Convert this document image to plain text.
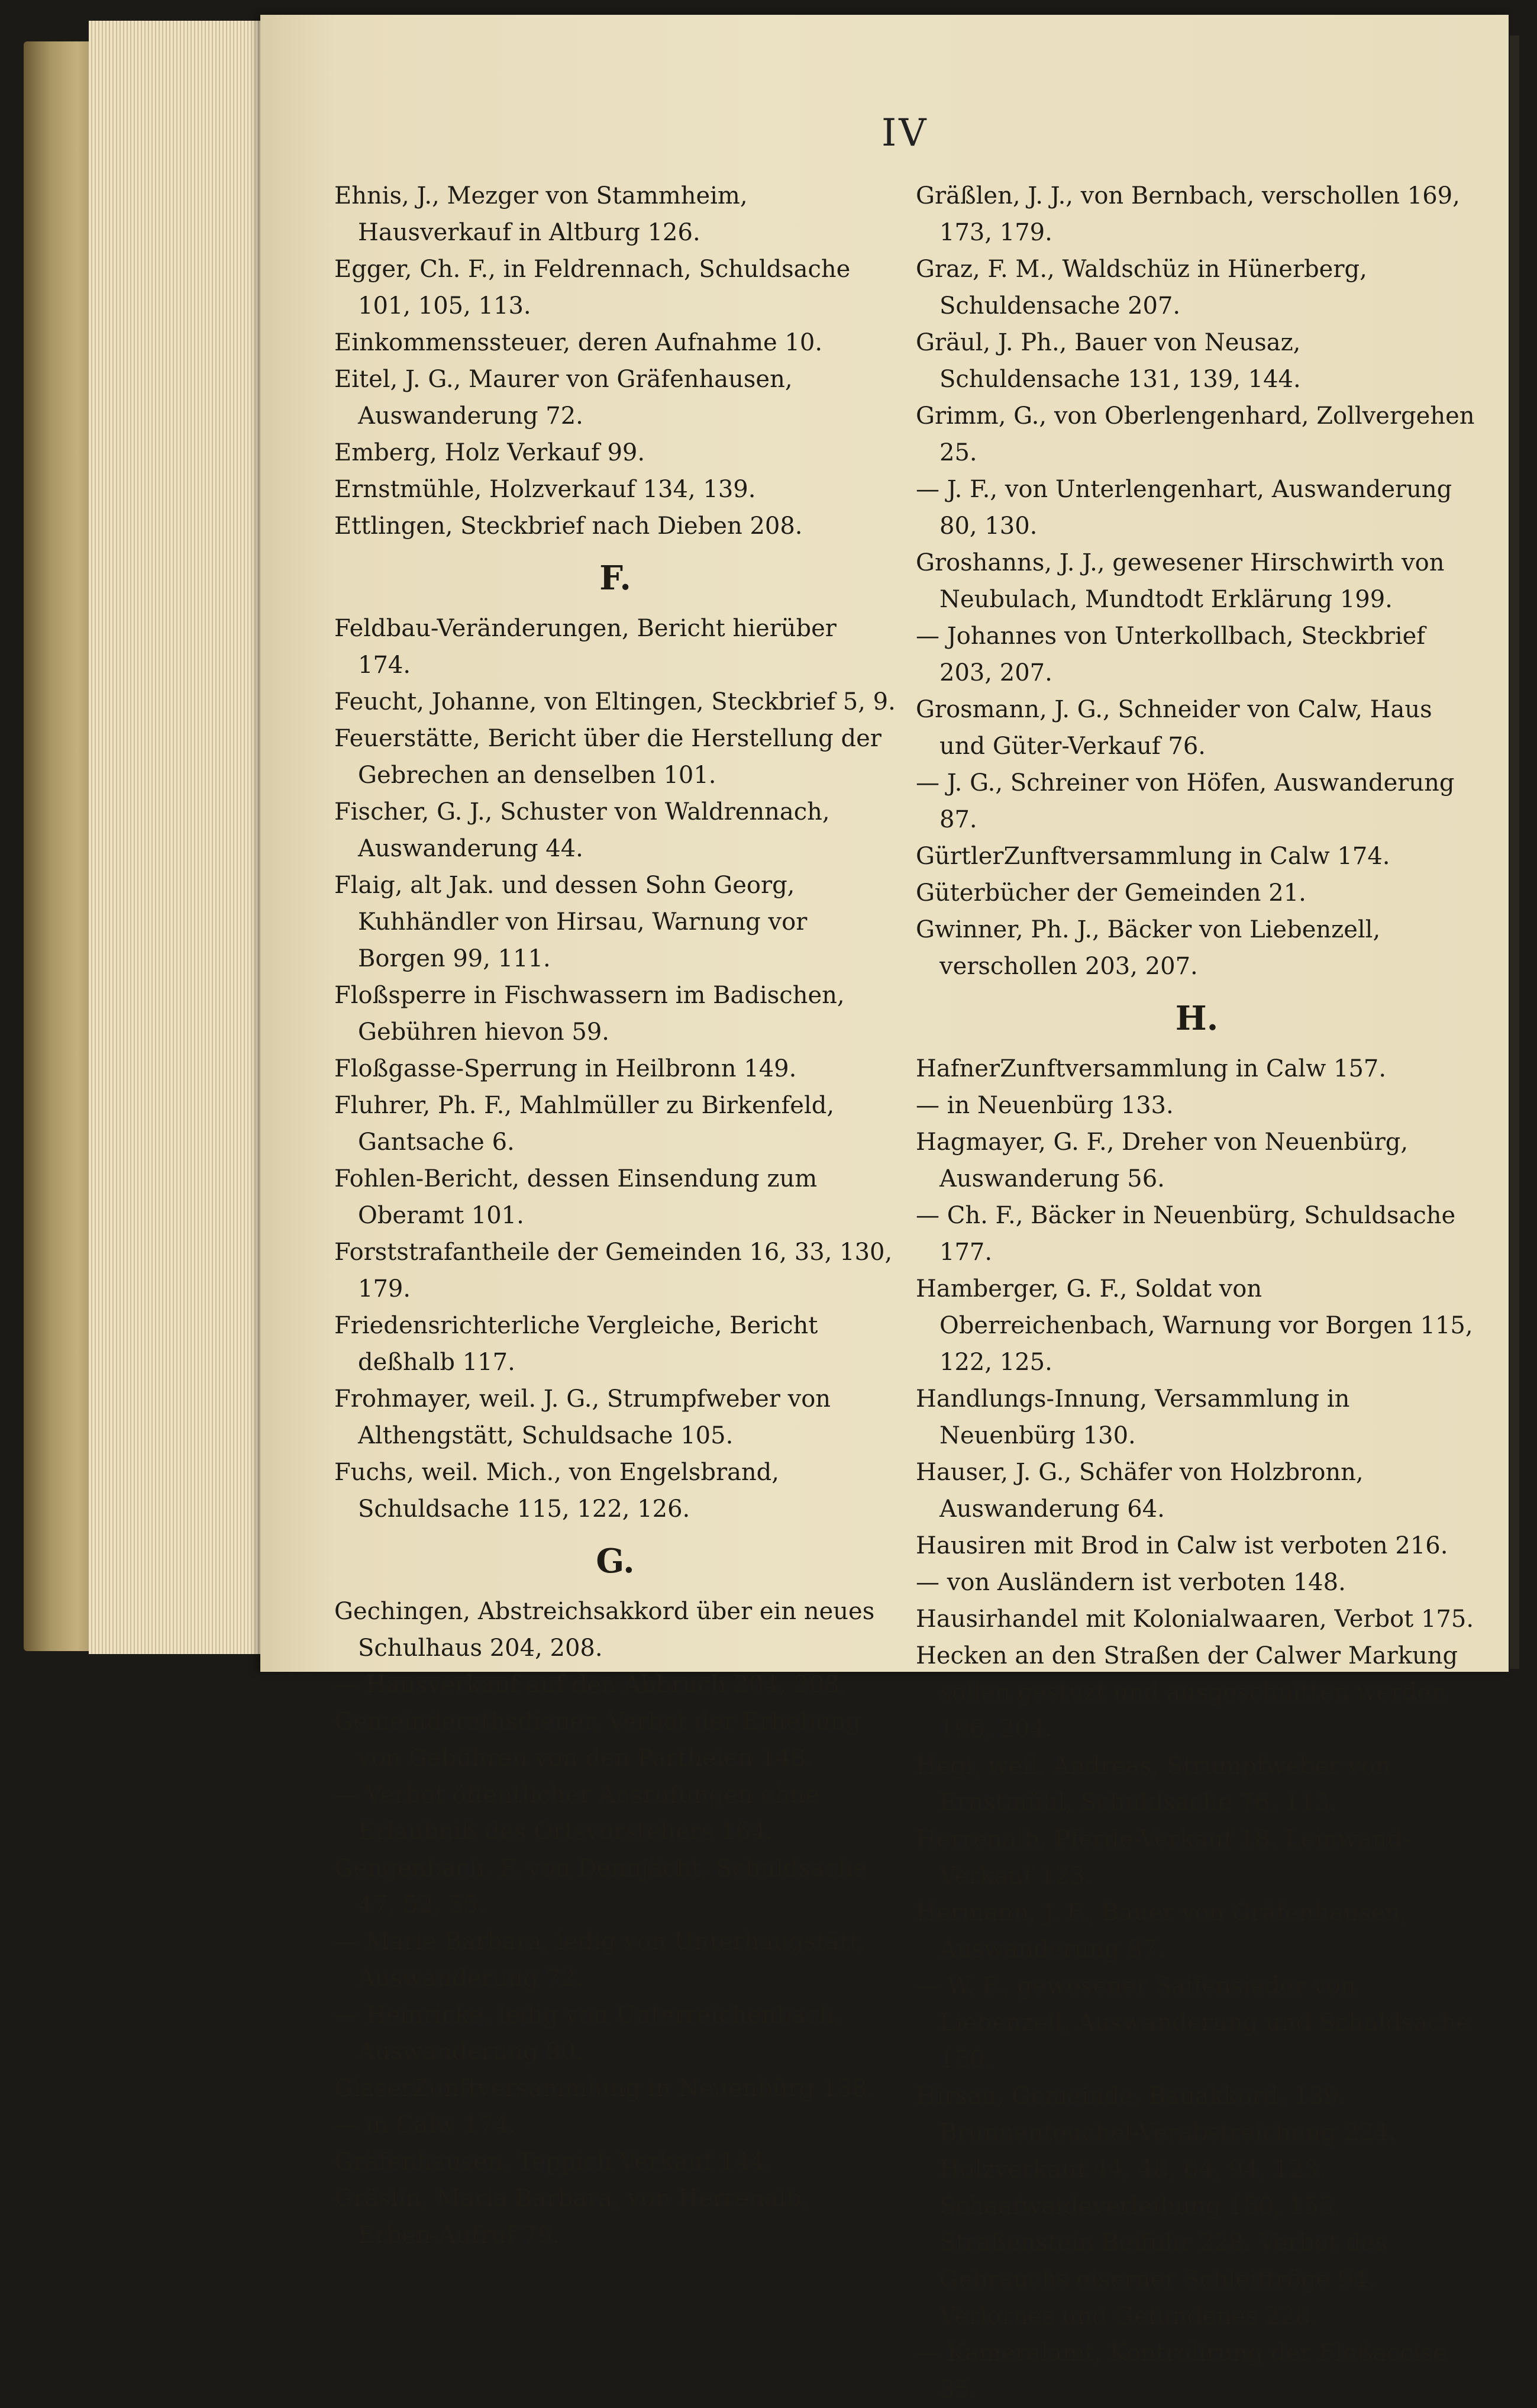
IV

Ehnis, J., Mezger von Stammheim, Hausverkauf in Altburg 126.

Egger, Ch. F., in Feldrennach, Schuldsache 101, 105, 113.

Einkommenssteuer, deren Aufnahme 10.

Eitel, J. G., Maurer von Gräfenhausen, Auswanderung 72.

Emberg, Holz Verkauf 99.

Ernstmühle, Holzverkauf 134, 139.

Ettlingen, Steckbrief nach Dieben 208.

F.

Feldbau-Veränderungen, Bericht hierüber 174.

Feucht, Johanne, von Eltingen, Steckbrief 5, 9.

Feuerstätte, Bericht über die Herstellung der Gebrechen an denselben 101.

Fischer, G. J., Schuster von Waldrennach, Auswanderung 44.

Flaig, alt Jak. und dessen Sohn Georg, Kuhhändler von Hirsau, Warnung vor Borgen 99, 111.

Floßsperre in Fischwassern im Badischen, Gebühren hievon 59.

Floßgasse-Sperrung in Heilbronn 149.

Fluhrer, Ph. F., Mahlmüller zu Birkenfeld, Gantsache 6.

Fohlen-Bericht, dessen Einsendung zum Oberamt 101.

Forststrafantheile der Gemeinden 16, 33, 130, 179.

Friedensrichterliche Vergleiche, Bericht deßhalb 117.

Frohmayer, weil. J. G., Strumpfweber von Althengstätt, Schuldsache 105.

Fuchs, weil. Mich., von Engelsbrand, Schuldsache 115, 122, 126.

G.

Gechingen, Abstreichsakkord über ein neues Schulhaus 204, 208.

— Hausverkauf auf den Abbruch 204, 208.

Gemeinderathsdiener, Verbot der Erhebung von Gebühren von den Partheien 148.

— Verbot öffentlicher Ausrufungen ohne Erlaubniß des Ortsvorstehers 164.

Gengenbach, F. von Dennjächt, Schuldsache 47, 52, 55.

— Marie Barbara, ledig von Unterhaugstätt, Auswanderung 72.

— Heinricke, ledig von Unterreichenbach, Auswanderung 80.

GlaserZunftversammlung in Neuenbürg 138.

— in Calw 174.

Gräfenhausen, Teppich Verkauf 144.

Gräslin, Maria Barbara, von Herrenalb, Erben-Aufruf 79.

Gräßlen, J. J., von Bernbach, verschollen 169, 173, 179.

Graz, F. M., Waldschüz in Hünerberg, Schuldensache 207.

Gräul, J. Ph., Bauer von Neusaz, Schuldensache 131, 139, 144.

Grimm, G., von Oberlengenhard, Zollvergehen 25.

— J. F., von Unterlengenhart, Auswanderung 80, 130.

Groshanns, J. J., gewesener Hirschwirth von Neubulach, Mundtodt Erklärung 199.

— Johannes von Unterkollbach, Steckbrief 203, 207.

Grosmann, J. G., Schneider von Calw, Haus und Güter-Verkauf 76.

— J. G., Schreiner von Höfen, Auswanderung 87.

GürtlerZunftversammlung in Calw 174.

Güterbücher der Gemeinden 21.

Gwinner, Ph. J., Bäcker von Liebenzell, verschollen 203, 207.

H.

HafnerZunftversammlung in Calw 157.

— in Neuenbürg 133.

Hagmayer, G. F., Dreher von Neuenbürg, Auswanderung 56.

— Ch. F., Bäcker in Neuenbürg, Schuldsache 177.

Hamberger, G. F., Soldat von Oberreichenbach, Warnung vor Borgen 115, 122, 125.

Handlungs-Innung, Versammlung in Neuenbürg 130.

Hauser, J. G., Schäfer von Holzbronn, Auswanderung 64.

Hausiren mit Brod in Calw ist verboten 216.

— von Ausländern ist verboten 148.

Hausirhandel mit Kolonialwaaren, Verbot 175.

Hecken an den Straßen der Calwer Markung sollen gestuzt und ausgeschnitten werden 196, 204.

Hegi, weil. Andreas, Strumpfweber von Ernstmühl, Schuldsache 76, 113.

Herrenalb, Pferde-Verkauf 18. Leinwand-Verkauf 123.

Hermann, J. F., Bauer von Gräfenhausen, Auswanderung 87.

— W. F., gewesener Saifensieder von Liebenzell, Auswanderung und Schuldsache 150.

Hirsau, Gemeinde, Bauakkord, 139. Brunnenteuchel-Verabstreichung 224. Holzverkauf 44, 48, 64, 94, 123. Schaafwaideverleihung 150, 155. Straßenstein Beifuhr 228. Verbot des Gebrauchs eiserner Schleiftröge 94. Verlornes und Gefundenes 228.

— Kameralamt, Kontrolirung der Floßaccise 35.
